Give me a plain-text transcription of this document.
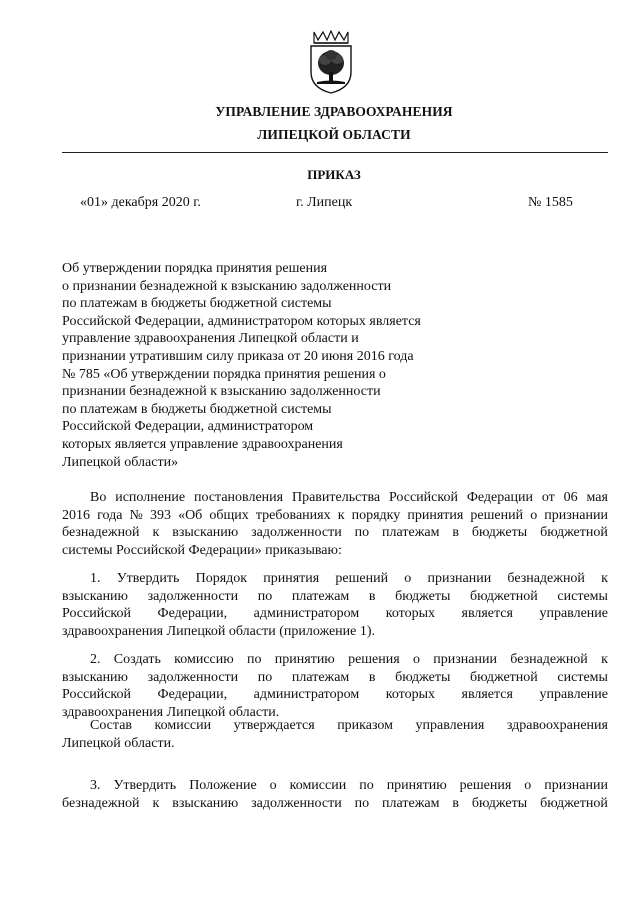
УПРАВЛЕНИЕ ЗДРАВООХРАНЕНИЯ
ЛИПЕЦКОЙ ОБЛАСТИ
ПРИКАЗ
«01» декабря 2020 г.	г. Липецк	№ 1585
Об утверждении порядка принятия решения
о признании безнадежной к взысканию задолженности
по платежам в бюджеты бюджетной системы
Российской Федерации, администратором которых является
управление здравоохранения Липецкой области и
признании утратившим силу приказа от 20 июня 2016 года
№ 785 «Об утверждении порядка принятия решения о
признании безнадежной к взысканию задолженности
по платежам в бюджеты бюджетной системы
Российской Федерации, администратором
которых является управление здравоохранения
Липецкой области»
Во исполнение постановления Правительства Российской Федерации от 06 мая
2016 года № 393 «Об общих требованиях к порядку принятия решений о признании
безнадежной к взысканию задолженности по платежам в бюджеты бюджетной
системы Российской Федерации» приказываю:
1. Утвердить Порядок принятия решений о признании безнадежной к
взысканию задолженности по платежам в бюджеты бюджетной системы
Российской Федерации, администратором которых является управление
здравоохранения Липецкой области (приложение 1).
2. Создать комиссию по принятию решения о признании безнадежной к
взысканию задолженности по платежам в бюджеты бюджетной системы
Российской Федерации, администратором которых является управление
здравоохранения Липецкой области.
Состав комиссии утверждается приказом управления здравоохранения
Липецкой области.
3. Утвердить Положение о комиссии по принятию решения о признании
безнадежной к взысканию задолженности по платежам в бюджеты бюджетной
